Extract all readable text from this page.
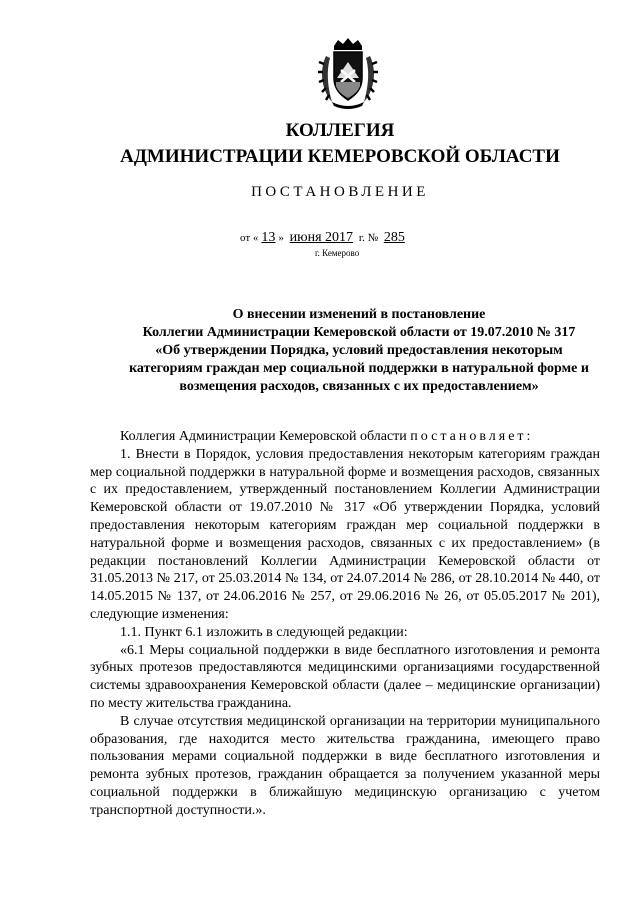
КОЛЛЕГИЯ
АДМИНИСТРАЦИИ КЕМЕРОВСКОЙ ОБЛАСТИ
ПОСТАНОВЛЕНИЕ
от « 13 » июня 2017 г. № 285
г. Кемерово
О внесении изменений в постановление
Коллегии Администрации Кемеровской области от 19.07.2010 № 317
«Об утверждении Порядка, условий предоставления некоторым
категориям граждан мер социальной поддержки в натуральной форме и
возмещения расходов, связанных с их предоставлением»

Коллегия Администрации Кемеровской области постановляет:

1. Внести в Порядок, условия предоставления некоторым категориям граждан мер социальной поддержки в натуральной форме и возмещения расходов, связанных с их предоставлением, утвержденный постановлением Коллегии Администрации Кемеровской области от 19.07.2010 № 317 «Об утверждении Порядка, условий предоставления некоторым категориям граждан мер социальной поддержки в натуральной форме и возмещения расходов, связанных с их предоставлением» (в редакции постановлений Коллегии Администрации Кемеровской области от 31.05.2013 № 217, от 25.03.2014 № 134, от 24.07.2014 № 286, от 28.10.2014 № 440, от 14.05.2015 № 137, от 24.06.2016 № 257, от 29.06.2016 № 26, от 05.05.2017 № 201), следующие изменения:

1.1. Пункт 6.1 изложить в следующей редакции:

«6.1 Меры социальной поддержки в виде бесплатного изготовления и ремонта зубных протезов предоставляются медицинскими организациями государственной системы здравоохранения Кемеровской области (далее – медицинские организации) по месту жительства гражданина.

В случае отсутствия медицинской организации на территории муниципального образования, где находится место жительства гражданина, имеющего право пользования мерами социальной поддержки в виде бесплатного изготовления и ремонта зубных протезов, гражданин обращается за получением указанной меры социальной поддержки в ближайшую медицинскую организацию с учетом транспортной доступности.».
